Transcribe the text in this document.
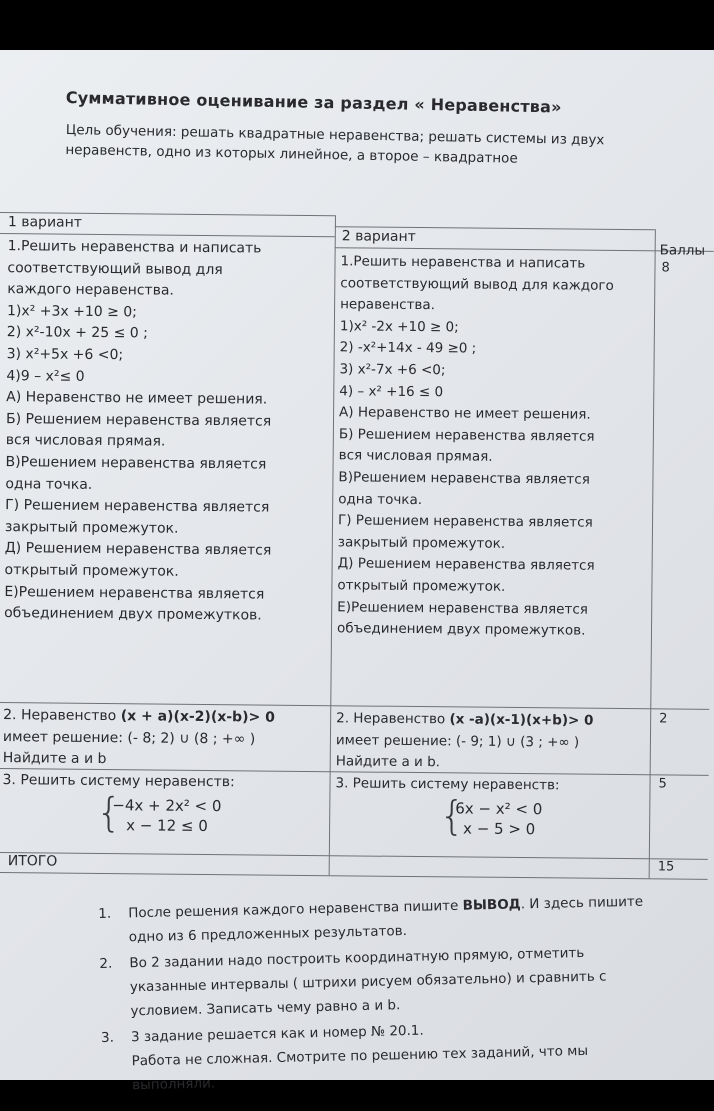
Суммативное оценивание за раздел « Неравенства»
Цель обучения: решать квадратные неравенства; решать системы из двух
неравенств, одно из которых линейное, а второе – квадратное
1 вариант
2 вариант
Баллы
1.Решить неравенства и написать
соответствующий вывод для
каждого неравенства.
1)x² +3x +10 ≥ 0;
2) x²-10x + 25 ≤ 0 ;
3) x²+5x +6 <0;
4)9 – x²≤ 0
А) Неравенство не имеет решения.
Б) Решением неравенства является
вся числовая прямая.
В)Решением неравенства является
одна точка.
Г) Решением неравенства является
закрытый промежуток.
Д) Решением неравенства является
открытый промежуток.
Е)Решением неравенства является
объединением двух промежутков.
1.Решить неравенства и написать
соответствующий вывод для каждого
неравенства.
1)x² -2x +10 ≥ 0;
2) -x²+14x - 49 ≥0 ;
3) x²-7x +6 <0;
4) – x² +16 ≤ 0
А) Неравенство не имеет решения.
Б) Решением неравенства является
вся числовая прямая.
В)Решением неравенства является
одна точка.
Г) Решением неравенства является
закрытый промежуток.
Д) Решением неравенства является
открытый промежуток.
Е)Решением неравенства является
объединением двух промежутков.
8
2. Неравенство (x + a)(x-2)(x-b)> 0
имеет решение: (- 8; 2) ∪ (8 ; +∞ )
Найдите а и b
2. Неравенство (x -a)(x-1)(x+b)> 0
имеет решение: (- 9; 1) ∪ (3 ; +∞ )
Найдите а и b.
2
3. Решить систему неравенств:
{
−4x + 2x² < 0
x − 12 ≤ 0
3. Решить систему неравенств:
{
6x − x² < 0
x − 5 > 0
5
ИТОГО	15
1. После решения каждого неравенства пишите ВЫВОД. И здесь пишите
одно из 6 предложенных результатов.
2. Во 2 задании надо построить координатную прямую, отметить
указанные интервалы ( штрихи рисуем обязательно) и сравнить с
условием. Записать чему равно а и b.
3. 3 задание решается как и номер № 20.1.
Работа не сложная. Смотрите по решению тех заданий, что мы
выполняли.
